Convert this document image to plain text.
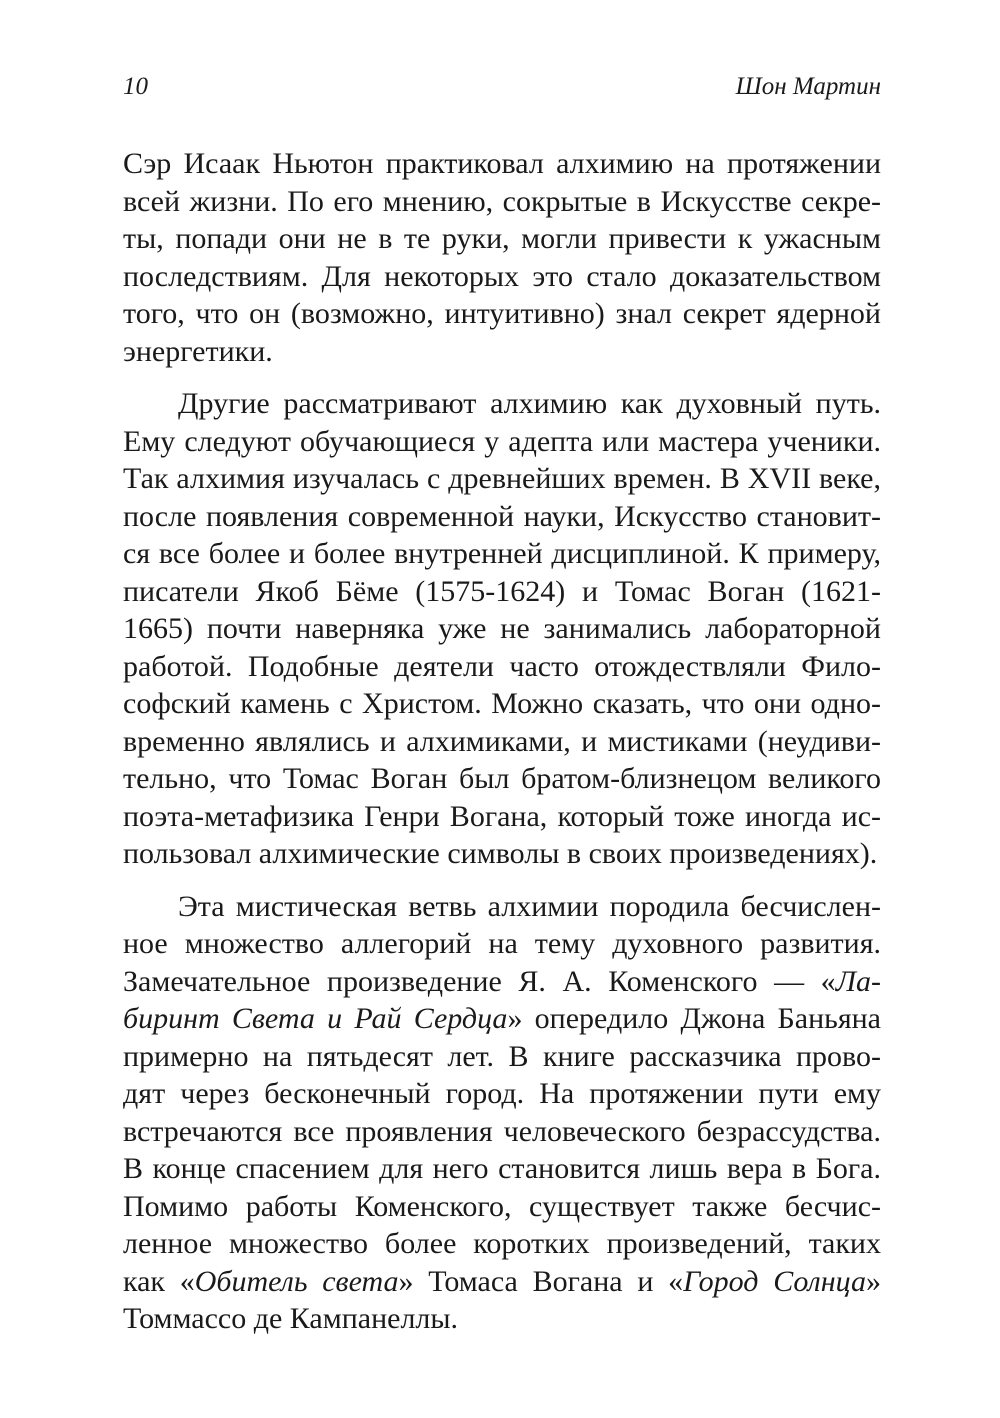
10	Шон Мартин
Сэр Исаак Ньютон практиковал алхимию на протяжении
всей жизни. По его мнению, сокрытые в Искусстве секре-
ты, попади они не в те руки, могли привести к ужасным
последствиям. Для некоторых это стало доказательством
того, что он (возможно, интуитивно) знал секрет ядерной
энергетики.
Другие рассматривают алхимию как духовный путь.
Ему следуют обучающиеся у адепта или мастера ученики.
Так алхимия изучалась с древнейших времен. В XVII веке,
после появления современной науки, Искусство становит-
ся все более и более внутренней дисциплиной. К примеру,
писатели Якоб Бёме (1575-1624) и Томас Воган (1621-
1665) почти наверняка уже не занимались лабораторной
работой. Подобные деятели часто отождествляли Фило-
софский камень с Христом. Можно сказать, что они одно-
временно являлись и алхимиками, и мистиками (неудиви-
тельно, что Томас Воган был братом-близнецом великого
поэта-метафизика Генри Вогана, который тоже иногда ис-
пользовал алхимические символы в своих произведениях).
Эта мистическая ветвь алхимии породила бесчислен-
ное множество аллегорий на тему духовного развития.
Замечательное произведение Я. А. Коменского — «Ла-
биринт Света и Рай Сердца» опередило Джона Баньяна
примерно на пятьдесят лет. В книге рассказчика прово-
дят через бесконечный город. На протяжении пути ему
встречаются все проявления человеческого безрассудства.
В конце спасением для него становится лишь вера в Бога.
Помимо работы Коменского, существует также бесчис-
ленное множество более коротких произведений, таких
как «Обитель света» Томаса Вогана и «Город Солнца»
Томмассо де Кампанеллы.
